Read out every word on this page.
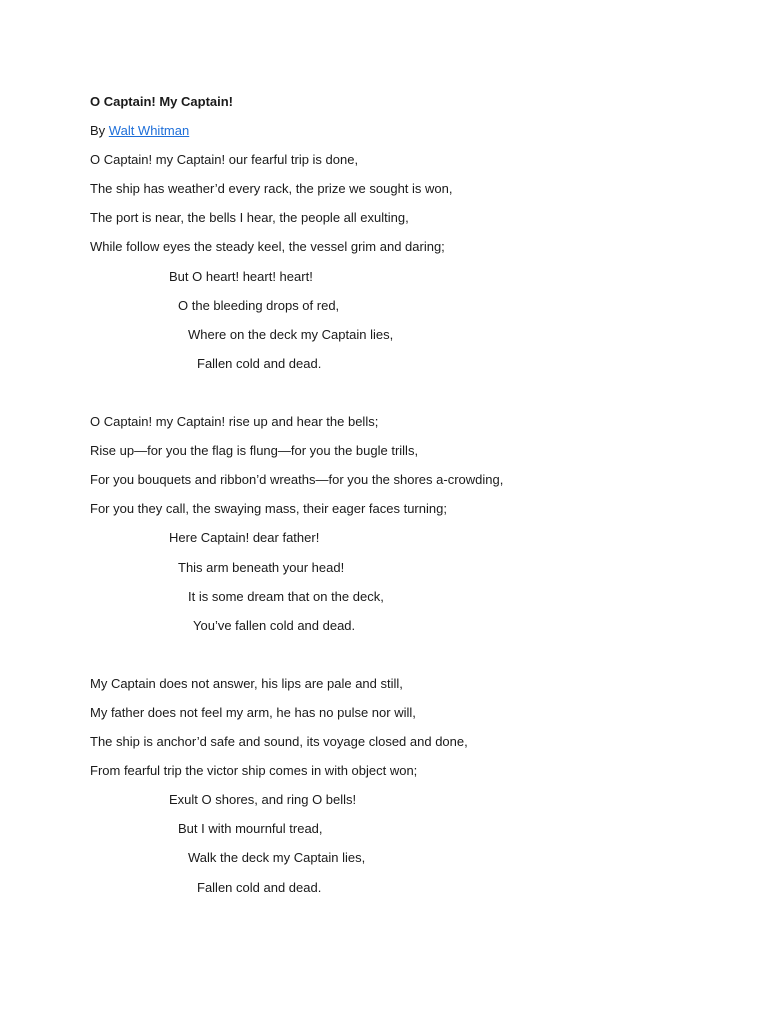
O Captain! My Captain!
By Walt Whitman
O Captain! my Captain! our fearful trip is done,
The ship has weather’d every rack, the prize we sought is won,
The port is near, the bells I hear, the people all exulting,
While follow eyes the steady keel, the vessel grim and daring;
But O heart! heart! heart!
O the bleeding drops of red,
Where on the deck my Captain lies,
Fallen cold and dead.
O Captain! my Captain! rise up and hear the bells;
Rise up—for you the flag is flung—for you the bugle trills,
For you bouquets and ribbon’d wreaths—for you the shores a-crowding,
For you they call, the swaying mass, their eager faces turning;
Here Captain! dear father!
This arm beneath your head!
It is some dream that on the deck,
You’ve fallen cold and dead.
My Captain does not answer, his lips are pale and still,
My father does not feel my arm, he has no pulse nor will,
The ship is anchor’d safe and sound, its voyage closed and done,
From fearful trip the victor ship comes in with object won;
Exult O shores, and ring O bells!
But I with mournful tread,
Walk the deck my Captain lies,
Fallen cold and dead.
